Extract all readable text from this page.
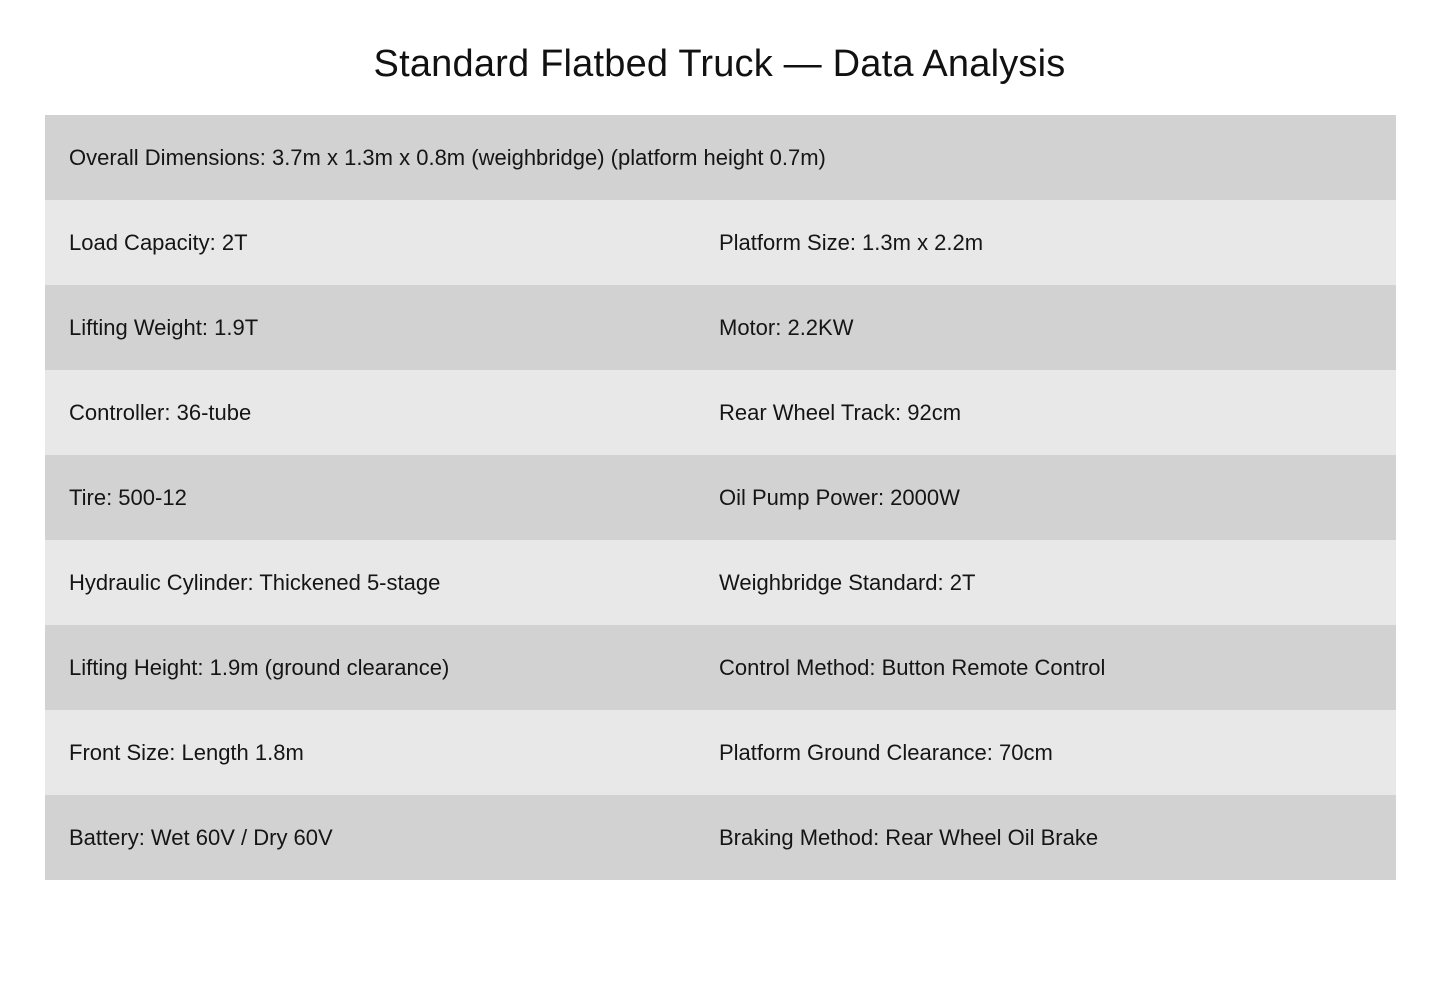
Standard Flatbed Truck — Data Analysis
Overall Dimensions: 3.7m x 1.3m x 0.8m (weighbridge) (platform height 0.7m)
Load Capacity: 2T	Platform Size: 1.3m x 2.2m
Lifting Weight: 1.9T	Motor: 2.2KW
Controller: 36-tube	Rear Wheel Track: 92cm
Tire: 500-12	Oil Pump Power: 2000W
Hydraulic Cylinder: Thickened 5-stage	Weighbridge Standard: 2T
Lifting Height: 1.9m (ground clearance)	Control Method: Button Remote Control
Front Size: Length 1.8m	Platform Ground Clearance: 70cm
Battery: Wet 60V / Dry 60V	Braking Method: Rear Wheel Oil Brake
